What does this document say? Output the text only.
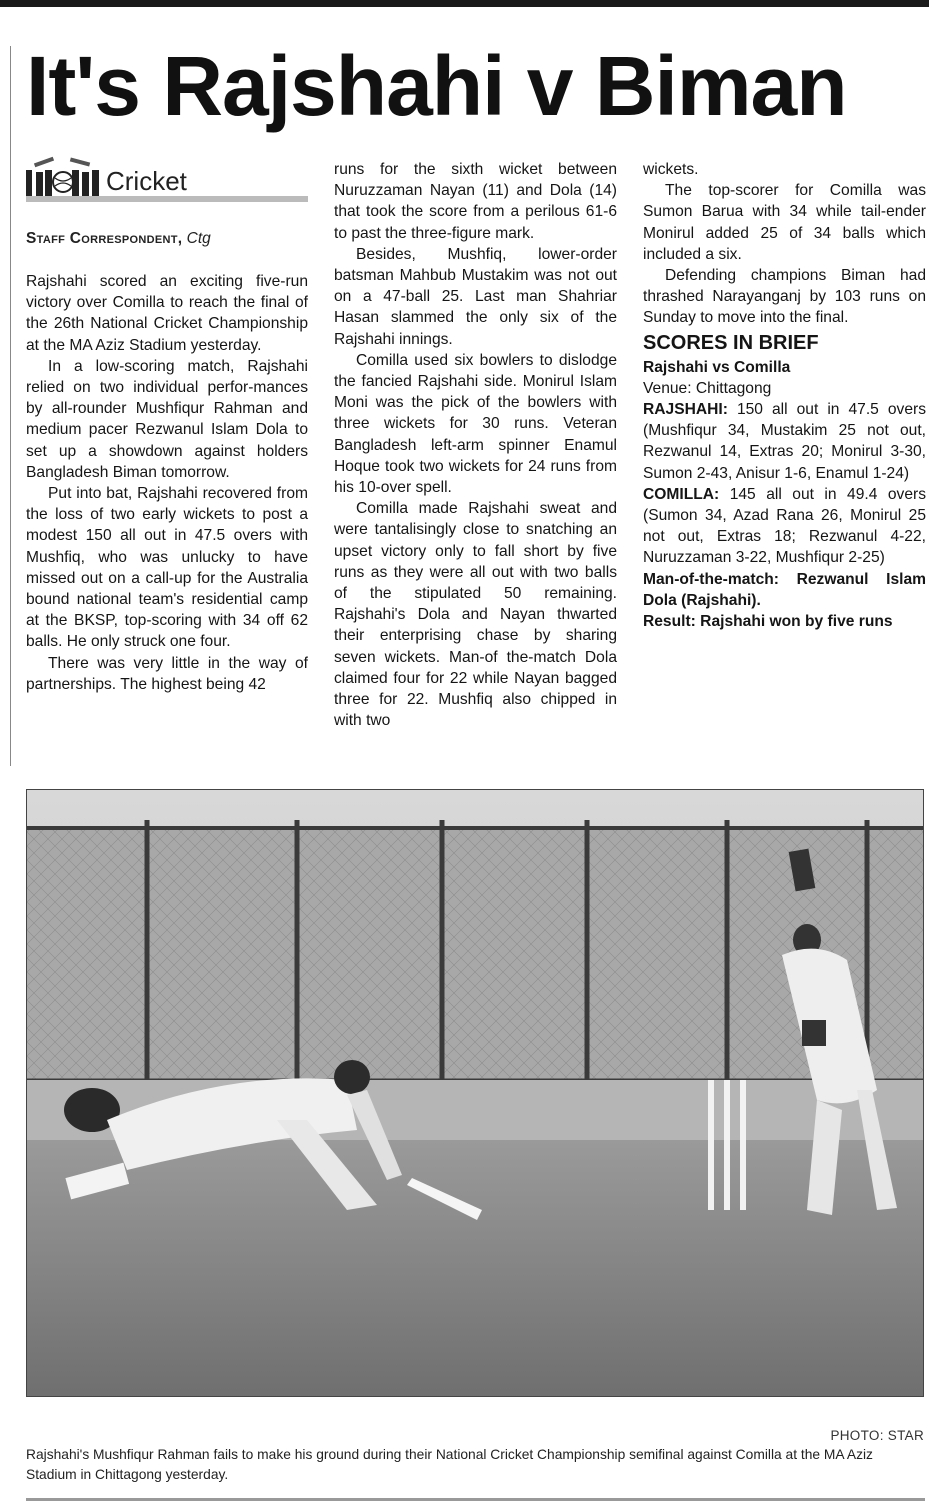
It's Rajshahi v Biman
Cricket
Staff Correspondent, Ctg

Rajshahi scored an exciting five-run victory over Comilla to reach the final of the 26th National Cricket Championship at the MA Aziz Stadium yesterday.

In a low-scoring match, Rajshahi relied on two individual perfor-mances by all-rounder Mushfiqur Rahman and medium pacer Rezwanul Islam Dola to set up a showdown against holders Bangladesh Biman tomorrow.

Put into bat, Rajshahi recovered from the loss of two early wickets to post a modest 150 all out in 47.5 overs with Mushfiq, who was unlucky to have missed out on a call-up for the Australia bound national team's residential camp at the BKSP, top-scoring with 34 off 62 balls. He only struck one four.

There was very little in the way of partnerships. The highest being 42

runs for the sixth wicket between Nuruzzaman Nayan (11) and Dola (14) that took the score from a perilous 61-6 to past the three-figure mark.

Besides, Mushfiq, lower-order batsman Mahbub Mustakim was not out on a 47-ball 25. Last man Shahriar Hasan slammed the only six of the Rajshahi innings.

Comilla used six bowlers to dislodge the fancied Rajshahi side. Monirul Islam Moni was the pick of the bowlers with three wickets for 30 runs. Veteran Bangladesh left-arm spinner Enamul Hoque took two wickets for 24 runs from his 10-over spell.

Comilla made Rajshahi sweat and were tantalisingly close to snatching an upset victory only to fall short by five runs as they were all out with two balls of the stipulated 50 remaining. Rajshahi's Dola and Nayan thwarted their enterprising chase by sharing seven wickets. Man-of the-match Dola claimed four for 22 while Nayan bagged three for 22. Mushfiq also chipped in with two

wickets.

The top-scorer for Comilla was Sumon Barua with 34 while tail-ender Monirul added 25 of 34 balls which included a six.

Defending champions Biman had thrashed Narayanganj by 103 runs on Sunday to move into the final.

SCORES IN BRIEF

Rajshahi vs Comilla

Venue: Chittagong

RAJSHAHI: 150 all out in 47.5 overs (Mushfiqur 34, Mustakim 25 not out, Rezwanul 14, Extras 20; Monirul 3-30, Sumon 2-43, Anisur 1-6, Enamul 1-24)

COMILLA: 145 all out in 49.4 overs (Sumon 34, Azad Rana 26, Monirul 25 not out, Extras 18; Rezwanul 4-22, Nuruzzaman 3-22, Mushfiqur 2-25)

Man-of-the-match: Rezwanul Islam Dola (Rajshahi).

Result: Rajshahi won by five runs

PHOTO: STAR
Rajshahi's Mushfiqur Rahman fails to make his ground during their National Cricket Championship semifinal against Comilla at the MA Aziz Stadium in Chittagong yesterday.
